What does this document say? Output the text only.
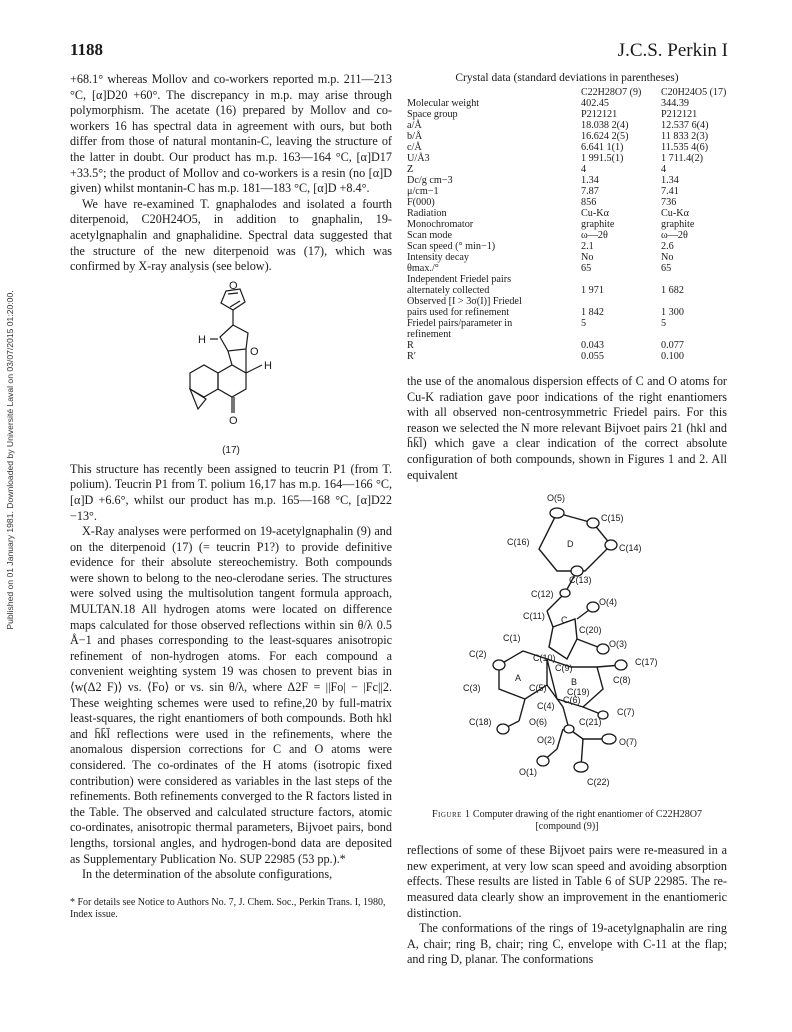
Published on 01 January 1981. Downloaded by Université Laval on 03/07/2015 01:20:00.
1188	J.C.S. Perkin I

+68.1° whereas Mollov and co-workers reported m.p. 211—213 °C, [α]D20 +60°. The discrepancy in m.p. may arise through polymorphism. The acetate (16) prepared by Mollov and co-workers 16 has spectral data in agreement with ours, but both differ from those of natural montanin-C, leaving the structure of the latter in doubt. Our product has m.p. 163—164 °C, [α]D17 +33.5°; the product of Mollov and co-workers is a resin (no [α]D given) whilst montanin-C has m.p. 181—183 °C, [α]D +8.4°.

We have re-examined T. gnaphalodes and isolated a fourth diterpenoid, C20H24O5, in addition to gnaphalin, 19-acetylgnaphalin and gnaphalidine. Spectral data suggested that the structure of the new diterpenoid was (17), which was confirmed by X-ray analysis (see below).

O
H
H
O
O

(17)

This structure has recently been assigned to teucrin P1 (from T. polium). Teucrin P1 from T. polium 16,17 has m.p. 164—166 °C, [α]D +6.6°, whilst our product has m.p. 165—168 °C, [α]D22 −13°.

X-Ray analyses were performed on 19-acetylgnaphalin (9) and on the diterpenoid (17) (= teucrin P1?) to provide definitive evidence for their absolute stereochemistry. Both compounds were shown to belong to the neo-clerodane series. The structures were solved using the multisolution tangent formula approach, MULTAN.18 All hydrogen atoms were located on difference maps calculated for those observed reflections within sin θ/λ 0.5 Å−1 and phases corresponding to the least-squares anisotropic refinement of non-hydrogen atoms. For each compound a convenient weighting system 19 was chosen to prevent bias in ⟨w(Δ2 F)⟩ vs. ⟨Fo⟩ or vs. sin θ/λ, where Δ2F = ||Fo| − |Fc||2. These weighting schemes were used to refine,20 by full-matrix least-squares, the right enantiomers of both compounds. Both hkl and h̄k̄l̄ reflections were used in the refinements, where the anomalous dispersion corrections for C and O atoms were considered. The co-ordinates of the H atoms (isotropic fixed contribution) were considered as variables in the last steps of the refinements. Both refinements converged to the R factors listed in the Table. The observed and calculated structure factors, atomic co-ordinates, anisotropic thermal parameters, Bijvoet pairs, bond lengths, torsional angles, and hydrogen-bond data are deposited as Supplementary Publication No. SUP 22985 (53 pp.).*

In the determination of the absolute configurations,

* For details see Notice to Authors No. 7, J. Chem. Soc., Perkin Trans. I, 1980, Index issue.

Crystal data (standard deviations in parentheses)
	C22H28O7 (9)	C20H24O5 (17)
Molecular weight	402.45	344.39
Space group	P212121	P212121
a/Å	18.038 2(4)	12.537 6(4)
b/Å	16.624 2(5)	11 833 2(3)
c/Å	6.641 1(1)	11.535 4(6)
U/Å3	1 991.5(1)	1 711.4(2)
Z	4	4
Dc/g cm−3	1.34	1.34
μ/cm−1	7.87	7.41
F(000)	856	736
Radiation	Cu-Kα	Cu-Kα
Monochromator	graphite	graphite
Scan mode	ω—2θ	ω—2θ
Scan speed (° min−1)	2.1	2.6
Intensity decay	No	No
θmax./°	65	65
Independent Friedel pairs		
alternately collected	1 971	1 682
Observed [I > 3σ(I)] Friedel		
pairs used for refinement	1 842	1 300
Friedel pairs/parameter in	5	5
refinement		
R	0.043	0.077
R′	0.055	0.100

the use of the anomalous dispersion effects of C and O atoms for Cu-K radiation gave poor indications of the right enantiomers with all observed non-centrosymmetric Friedel pairs. For this reason we selected the N more relevant Bijvoet pairs 21 (hkl and h̄k̄l̄) which gave a clear indication of the correct absolute configuration of both compounds, shown in Figures 1 and 2. All equivalent

O(5)
C(15)
C(16)	D	C(14)
C(13)
C(12)
O(4)
C(11) C
C(20)
C(1)
O(3)
C(2)	C(10)
C(9)
C(17)
A	B	C(8)
C(3)	C(5) C(19)
C(6)
C(7)
C(4)
C(18)	O(6)	C(21)
O(7)
O(2)
O(1)
C(22)

Figure 1 Computer drawing of the right enantiomer of C22H28O7 [compound (9)]

reflections of some of these Bijvoet pairs were re-measured in a new experiment, at very low scan speed and avoiding absorption effects. These results are listed in Table 6 of SUP 22985. The re-measured data clearly show an improvement in the enantiomeric distinction.

The conformations of the rings of 19-acetylgnaphalin are ring A, chair; ring B, chair; ring C, envelope with C-11 at the flap; and ring D, planar. The conformations
